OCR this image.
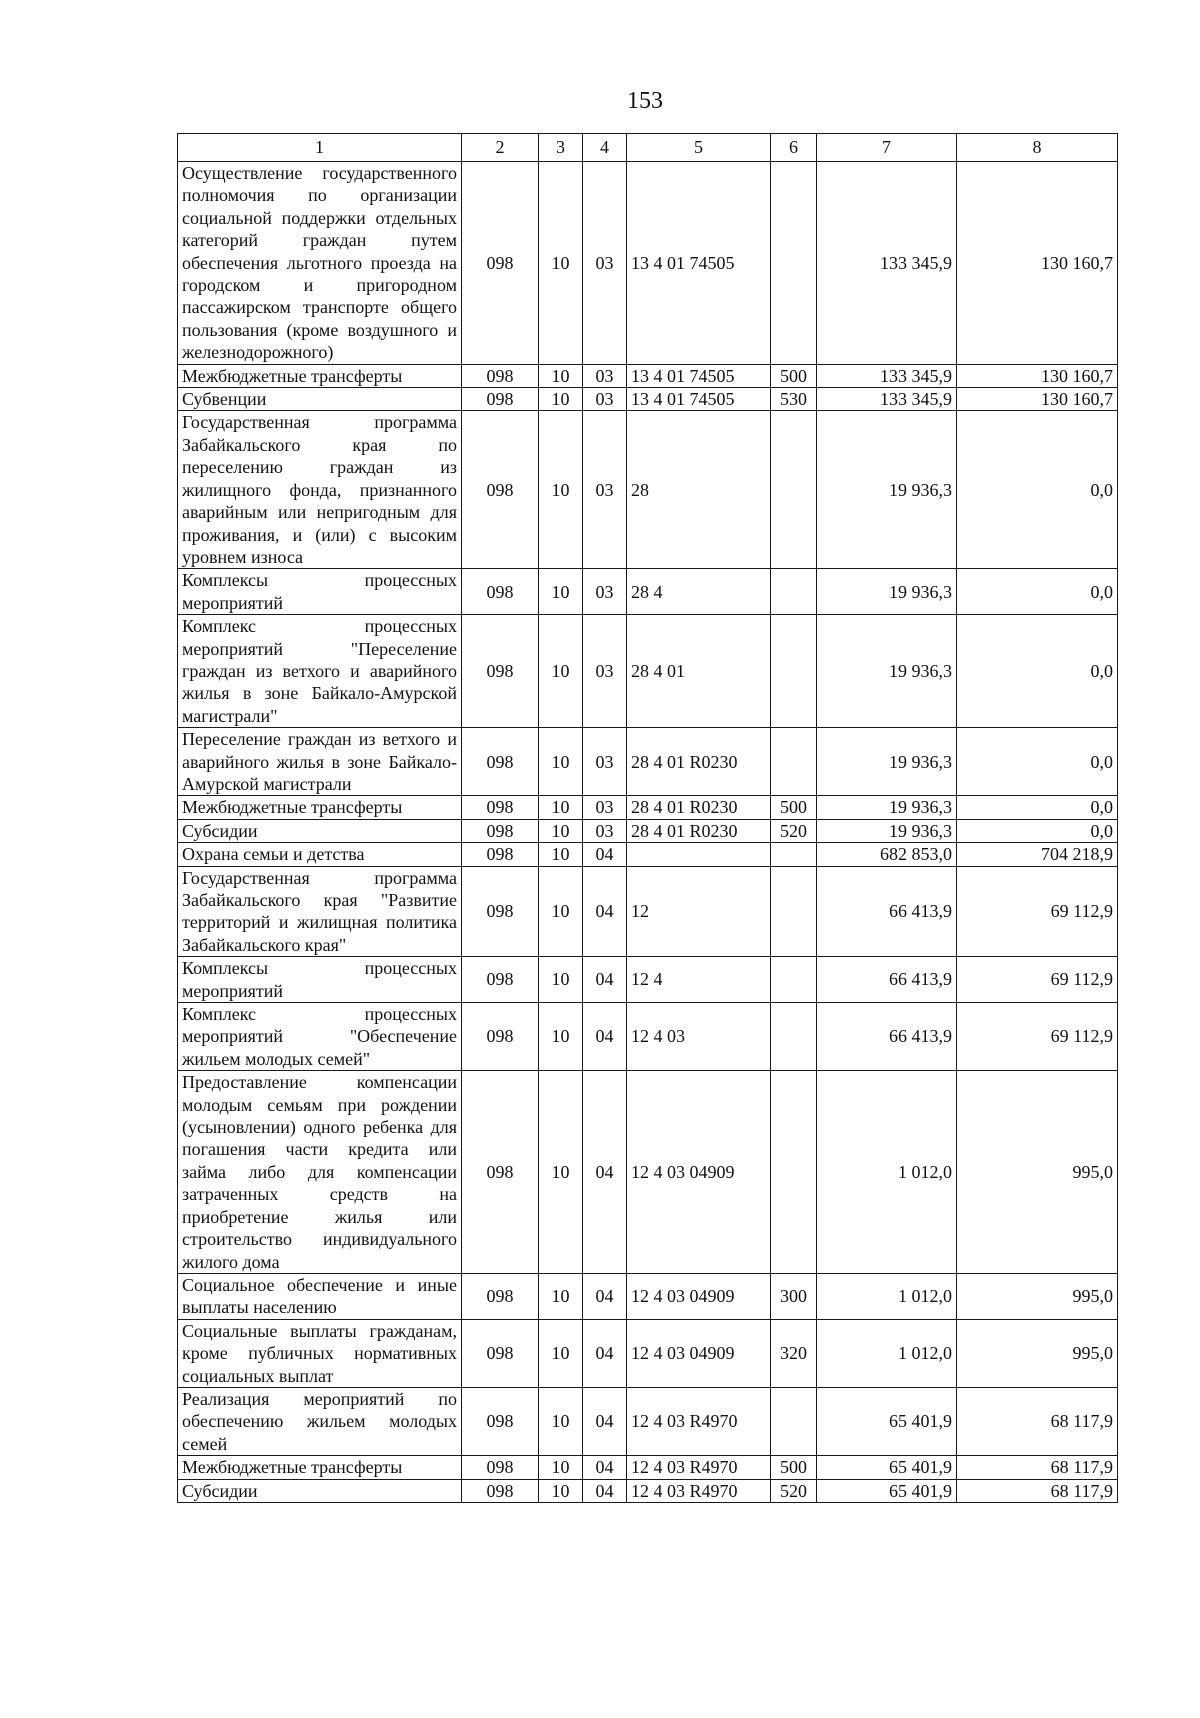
153
1	2	3	4	5	6	7	8
Осуществление государственного полномочия по организации социальной поддержки отдельных категорий граждан путем обеспечения льготного проезда на городском и пригородном пассажирском транспорте общего пользования (кроме воздушного и железнодорожного)	098	10	03	13 4 01 74505		133 345,9	130 160,7
Межбюджетные трансферты	098	10	03	13 4 01 74505	500	133 345,9	130 160,7
Субвенции	098	10	03	13 4 01 74505	530	133 345,9	130 160,7
Государственная программа Забайкальского края по переселению граждан из жилищного фонда, признанного аварийным или непригодным для проживания, и (или) с высоким уровнем износа	098	10	03	28		19 936,3	0,0
Комплексы процессных мероприятий	098	10	03	28 4		19 936,3	0,0
Комплекс процессных мероприятий "Переселение граждан из ветхого и аварийного жилья в зоне Байкало-Амурской магистрали"	098	10	03	28 4 01		19 936,3	0,0
Переселение граждан из ветхого и аварийного жилья в зоне Байкало-Амурской магистрали	098	10	03	28 4 01 R0230		19 936,3	0,0
Межбюджетные трансферты	098	10	03	28 4 01 R0230	500	19 936,3	0,0
Субсидии	098	10	03	28 4 01 R0230	520	19 936,3	0,0
Охрана семьи и детства	098	10	04			682 853,0	704 218,9
Государственная программа Забайкальского края "Развитие территорий и жилищная политика Забайкальского края"	098	10	04	12		66 413,9	69 112,9
Комплексы процессных мероприятий	098	10	04	12 4		66 413,9	69 112,9
Комплекс процессных мероприятий "Обеспечение жильем молодых семей"	098	10	04	12 4 03		66 413,9	69 112,9
Предоставление компенсации молодым семьям при рождении (усыновлении) одного ребенка для погашения части кредита или займа либо для компенсации затраченных средств на приобретение жилья или строительство индивидуального жилого дома	098	10	04	12 4 03 04909		1 012,0	995,0
Социальное обеспечение и иные выплаты населению	098	10	04	12 4 03 04909	300	1 012,0	995,0
Социальные выплаты гражданам, кроме публичных нормативных социальных выплат	098	10	04	12 4 03 04909	320	1 012,0	995,0
Реализация мероприятий по обеспечению жильем молодых семей	098	10	04	12 4 03 R4970		65 401,9	68 117,9
Межбюджетные трансферты	098	10	04	12 4 03 R4970	500	65 401,9	68 117,9
Субсидии	098	10	04	12 4 03 R4970	520	65 401,9	68 117,9
